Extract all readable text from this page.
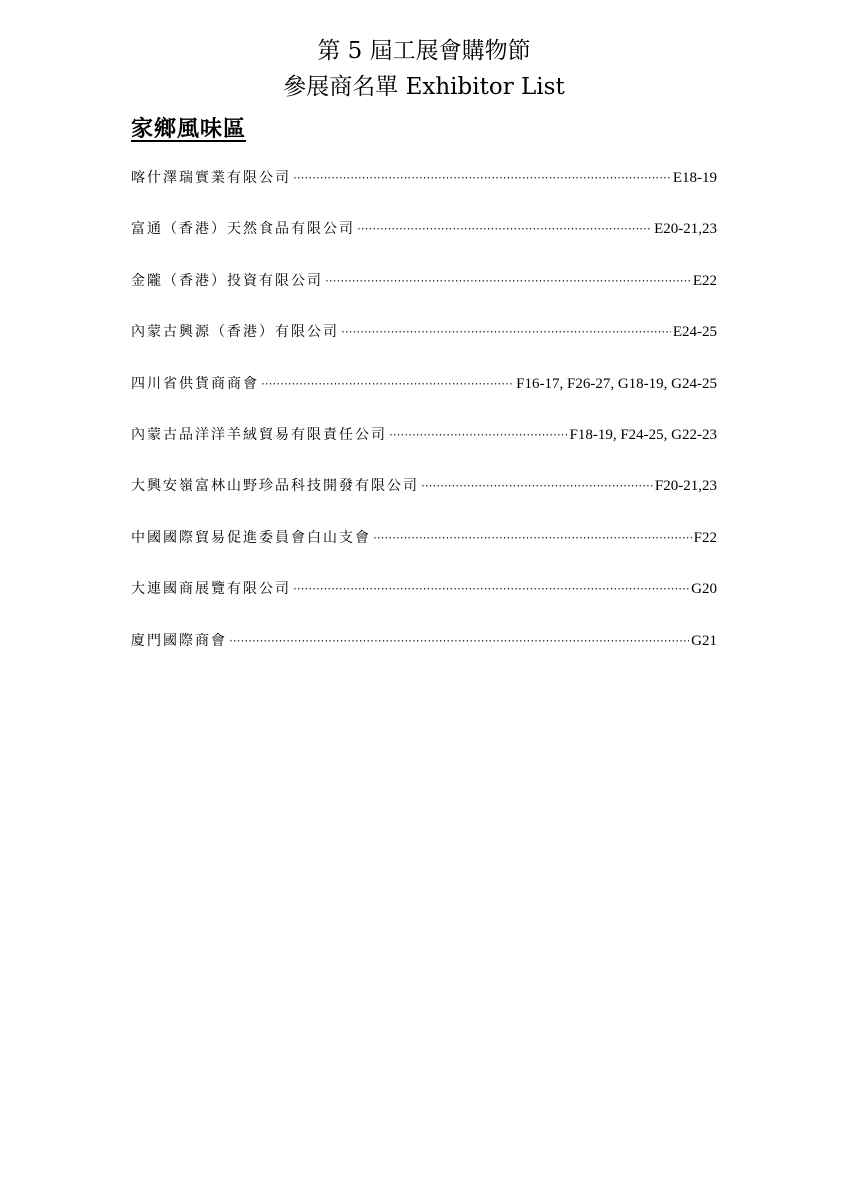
第 5 屆工展會購物節
參展商名單 Exhibitor List
家鄉風味區
喀什澤瑞實業有限公司 ·····	E18-19
富通（香港）天然食品有限公司 ·····	E20-21,23
金隴（香港）投資有限公司 ·····	E22
內蒙古興源（香港）有限公司 ·····	E24-25
四川省供貨商商會 ·····	F16-17, F26-27, G18-19, G24-25
內蒙古品洋洋羊絨貿易有限責任公司 ·····	F18-19, F24-25, G22-23
大興安嶺富林山野珍品科技開發有限公司 ·····	F20-21,23
中國國際貿易促進委員會白山支會 ·····	F22
大連國商展覽有限公司 ·····	G20
廈門國際商會 ·····	G21
